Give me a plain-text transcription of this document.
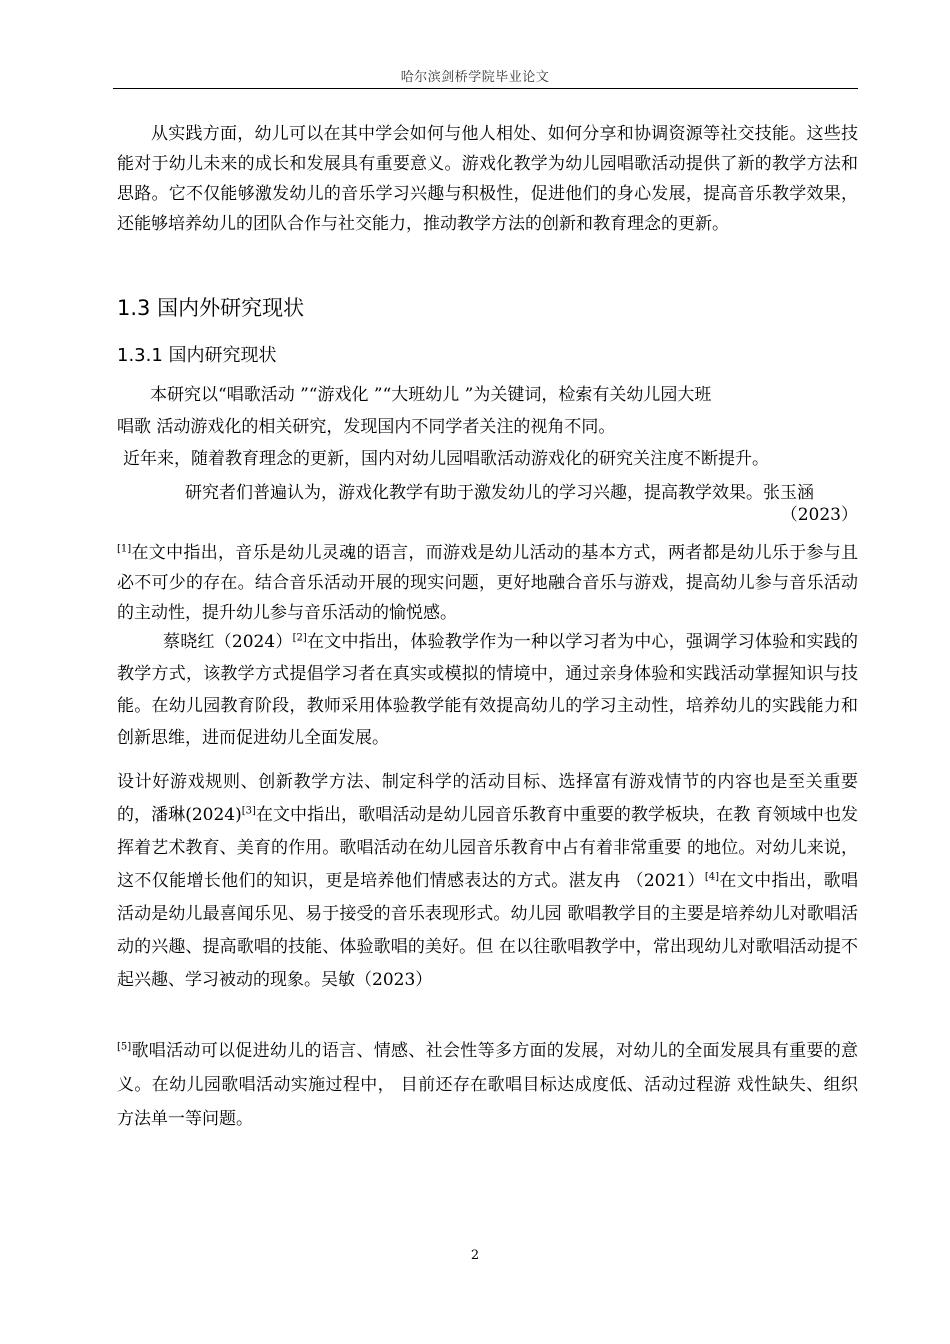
哈尔滨剑桥学院毕业论文

从实践方面，幼儿可以在其中学会如何与他人相处、如何分享和协调资源等社交技能。这些技能对于幼儿未来的成长和发展具有重要意义。游戏化教学为幼儿园唱歌活动提供了新的教学方法和思路。它不仅能够激发幼儿的音乐学习兴趣与积极性，促进他们的身心发展，提高音乐教学效果，还能够培养幼儿的团队合作与社交能力，推动教学方法的创新和教育理念的更新。

1.3 国内外研究现状
1.3.1 国内研究现状
本研究以“唱歌活动 ”“游戏化 ”“大班幼儿 ”为关键词，检索有关幼儿园大班
唱歌 活动游戏化的相关研究，发现国内不同学者关注的视角不同。
近年来，随着教育理念的更新，国内对幼儿园唱歌活动游戏化的研究关注度不断提升。
研究者们普遍认为，游戏化教学有助于激发幼儿的学习兴趣，提高教学效果。张玉涵
（2023）

[1]在文中指出，音乐是幼儿灵魂的语言，而游戏是幼儿活动的基本方式，两者都是幼儿乐于参与且必不可少的存在。结合音乐活动开展的现实问题，更好地融合音乐与游戏，提高幼儿参与音乐活动的主动性，提升幼儿参与音乐活动的愉悦感。

蔡晓红（2024）[2]在文中指出，体验教学作为一种以学习者为中心，强调学习体验和实践的教学方式，该教学方式提倡学习者在真实或模拟的情境中，通过亲身体验和实践活动掌握知识与技能。在幼儿园教育阶段，教师采用体验教学能有效提高幼儿的学习主动性，培养幼儿的实践能力和创新思维，进而促进幼儿全面发展。

设计好游戏规则、创新教学方法、制定科学的活动目标、选择富有游戏情节的内容也是至关重要的，潘琳(2024)[3]在文中指出，歌唱活动是幼儿园音乐教育中重要的教学板块，在教 育领域中也发挥着艺术教育、美育的作用。歌唱活动在幼儿园音乐教育中占有着非常重要 的地位。对幼儿来说，这不仅能增长他们的知识，更是培养他们情感表达的方式。湛友冉 （2021）[4]在文中指出，歌唱活动是幼儿最喜闻乐见、易于接受的音乐表现形式。幼儿园 歌唱教学目的主要是培养幼儿对歌唱活动的兴趣、提高歌唱的技能、体验歌唱的美好。但 在以往歌唱教学中，常出现幼儿对歌唱活动提不起兴趣、学习被动的现象。吴敏（2023）

[5]歌唱活动可以促进幼儿的语言、情感、社会性等多方面的发展，对幼儿的全面发展具有重要的意义。在幼儿园歌唱活动实施过程中， 目前还存在歌唱目标达成度低、活动过程游 戏性缺失、组织方法单一等问题。

2
